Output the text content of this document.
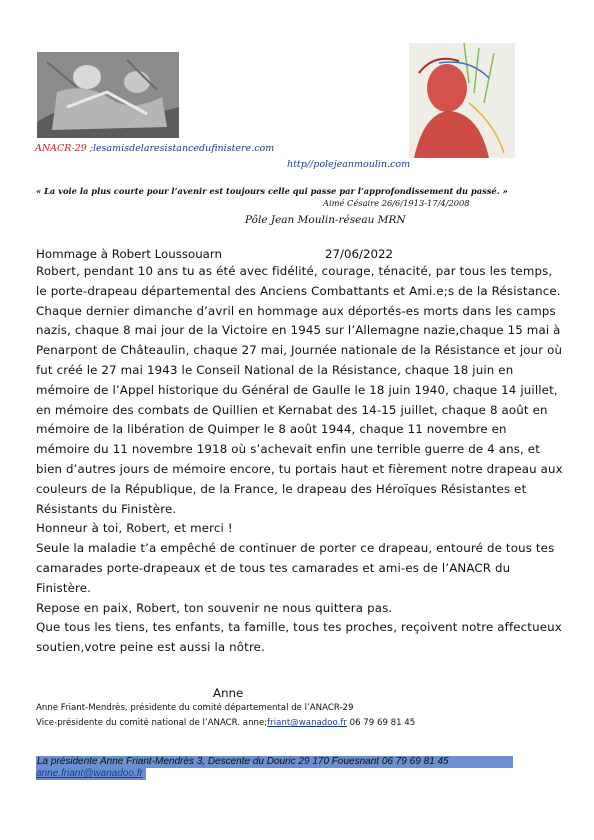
ANACR-29 ;lesamisdelaresistancedufinistere.com
http//polejeanmoulin.com
« La voie la plus courte pour l’avenir est toujours celle qui passe par l’approfondissement du passé. »
Aimé Césaire 26/6/1913-17/4/2008
Pôle Jean Moulin-réseau MRN
Hommage à Robert Loussouarn	27/06/2022

Robert, pendant 10 ans tu as été avec fidélité, courage, ténacité, par tous les temps, le porte-drapeau départemental des Anciens Combattants et Ami.e;s de la Résistance.

Chaque dernier dimanche d’avril en hommage aux déportés-es morts dans les camps nazis, chaque 8 mai jour de la Victoire en 1945 sur l’Allemagne nazie,chaque 15 mai à Penarpont de Châteaulin, chaque 27 mai, Journée nationale de la Résistance et jour où fut créé le 27 mai 1943 le Conseil National de la Résistance, chaque 18 juin en mémoire de l’Appel historique du Général de Gaulle le 18 juin 1940, chaque 14 juillet, en mémoire des combats de Quillien et Kernabat des 14-15 juillet, chaque 8 août en mémoire de la libération de Quimper le 8 août 1944, chaque 11 novembre en mémoire du 11 novembre 1918 où s’achevait enfin une terrible guerre de 4 ans, et bien d’autres jours de mémoire encore, tu portais haut et fièrement notre drapeau aux couleurs de la République, de la France, le drapeau des Héroïques Résistantes et Résistants du Finistère.

Honneur à toi, Robert, et merci !

Seule la maladie t’a empêché de continuer de porter ce drapeau, entouré de tous tes camarades porte-drapeaux et de tous tes camarades et ami-es de l’ANACR du Finistère.

Repose en paix, Robert, ton souvenir ne nous quittera pas.

Que tous les tiens, tes enfants, ta famille, tous tes proches, reçoivent notre affectueux soutien,votre peine est aussi la nôtre.

Anne
Anne Friant-Mendrès, présidente du comité départemental de l’ANACR-29
Vice-présidente du comité national de l’ANACR. anne;friant@wanadoo.fr 06 79 69 81 45
La présidente Anne Friant-Mendrès 3, Descente du Douric 29 170 Fouesnant 06 79 69 81 45
anne.friant@wanadoo.fr
